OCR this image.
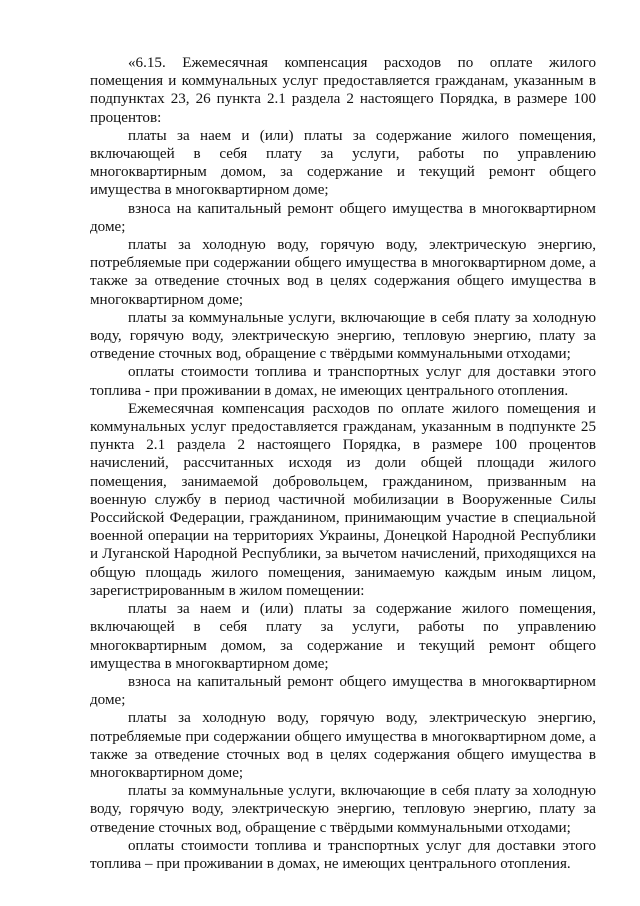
«6.15. Ежемесячная компенсация расходов по оплате жилого помещения и коммунальных услуг предоставляется гражданам, указанным в подпунктах 23, 26 пункта 2.1 раздела 2 настоящего Порядка, в размере 100 процентов:

платы за наем и (или) платы за содержание жилого помещения, включающей в себя плату за услуги, работы по управлению многоквартирным домом, за содержание и текущий ремонт общего имущества в многоквартирном доме;

взноса на капитальный ремонт общего имущества в многоквартирном доме;

платы за холодную воду, горячую воду, электрическую энергию, потребляемые при содержании общего имущества в многоквартирном доме, а также за отведение сточных вод в целях содержания общего имущества в многоквартирном доме;

платы за коммунальные услуги, включающие в себя плату за холодную воду, горячую воду, электрическую энергию, тепловую энергию, плату за отведение сточных вод, обращение с твёрдыми коммунальными отходами;

оплаты стоимости топлива и транспортных услуг для доставки этого топлива - при проживании в домах, не имеющих центрального отопления.

Ежемесячная компенсация расходов по оплате жилого помещения и коммунальных услуг предоставляется гражданам, указанным в подпункте 25 пункта 2.1 раздела 2 настоящего Порядка, в размере 100 процентов начислений, рассчитанных исходя из доли общей площади жилого помещения, занимаемой добровольцем, гражданином, призванным на военную службу в период частичной мобилизации в Вооруженные Силы Российской Федерации, гражданином, принимающим участие в специальной военной операции на территориях Украины, Донецкой Народной Республики и Луганской Народной Республики, за вычетом начислений, приходящихся на общую площадь жилого помещения, занимаемую каждым иным лицом, зарегистрированным в жилом помещении:

платы за наем и (или) платы за содержание жилого помещения, включающей в себя плату за услуги, работы по управлению многоквартирным домом, за содержание и текущий ремонт общего имущества в многоквартирном доме;

взноса на капитальный ремонт общего имущества в многоквартирном доме;

платы за холодную воду, горячую воду, электрическую энергию, потребляемые при содержании общего имущества в многоквартирном доме, а также за отведение сточных вод в целях содержания общего имущества в многоквартирном доме;

платы за коммунальные услуги, включающие в себя плату за холодную воду, горячую воду, электрическую энергию, тепловую энергию, плату за отведение сточных вод, обращение с твёрдыми коммунальными отходами;

оплаты стоимости топлива и транспортных услуг для доставки этого топлива – при проживании в домах, не имеющих центрального отопления.
